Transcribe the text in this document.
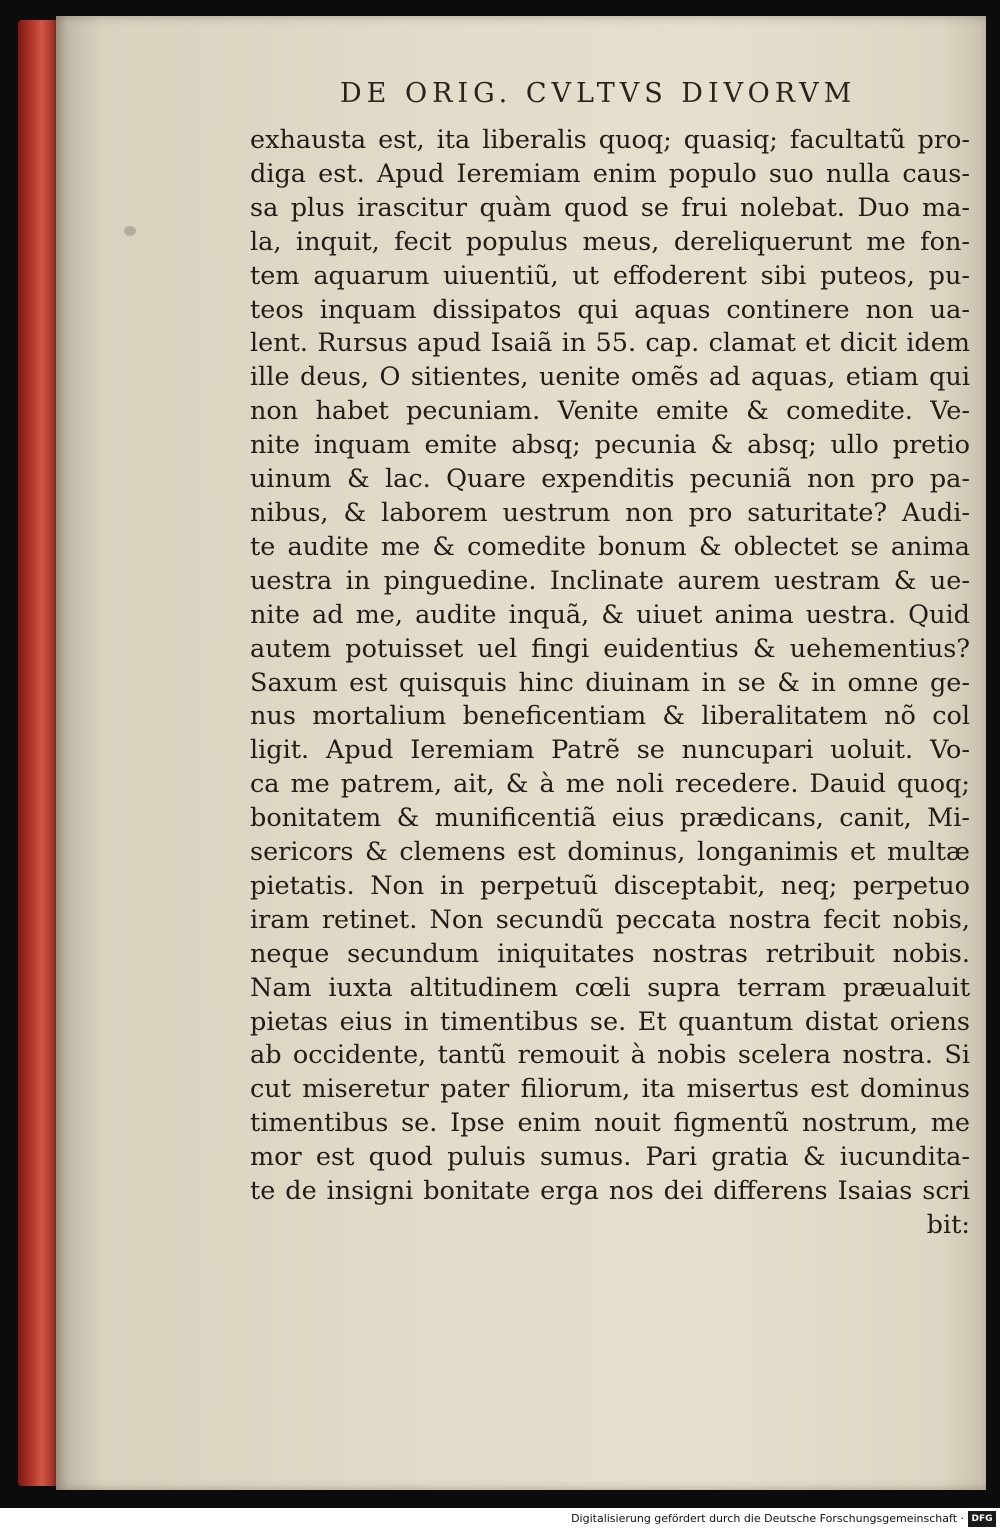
DE ORIG. CVLTVS DIVORVM
exhausta est, ita liberalis quoq; quasiq; facultatũ pro-
diga est. Apud Ieremiam enim populo suo nulla caus-
sa plus irascitur quàm quod se frui nolebat. Duo ma-
la, inquit, fecit populus meus, dereliquerunt me fon-
tem aquarum uiuentiũ, ut effoderent sibi puteos, pu-
teos inquam dissipatos qui aquas continere non ua-
lent. Rursus apud Isaiã in 55. cap. clamat et dicit idem
ille deus, O sitientes, uenite omẽs ad aquas, etiam qui
non habet pecuniam. Venite emite & comedite. Ve-
nite inquam emite absq; pecunia & absq; ullo pretio
uinum & lac. Quare expenditis pecuniã non pro pa-
nibus, & laborem uestrum non pro saturitate? Audi-
te audite me & comedite bonum & oblectet se anima
uestra in pinguedine. Inclinate aurem uestram & ue-
nite ad me, audite inquã, & uiuet anima uestra. Quid
autem potuisset uel fingi euidentius & uehementius?
Saxum est quisquis hinc diuinam in se & in omne ge-
nus mortalium beneficentiam & liberalitatem nõ col
ligit. Apud Ieremiam Patrẽ se nuncupari uoluit. Vo-
ca me patrem, ait, & à me noli recedere. Dauid quoq;
bonitatem & munificentiã eius prædicans, canit, Mi-
sericors & clemens est dominus, longanimis et multæ
pietatis. Non in perpetuũ disceptabit, neq; perpetuo
iram retinet. Non secundũ peccata nostra fecit nobis,
neque secundum iniquitates nostras retribuit nobis.
Nam iuxta altitudinem cœli supra terram præualuit
pietas eius in timentibus se. Et quantum distat oriens
ab occidente, tantũ remouit à nobis scelera nostra. Si
cut miseretur pater filiorum, ita misertus est dominus
timentibus se. Ipse enim nouit figmentũ nostrum, me
mor est quod puluis sumus. Pari gratia & iucundita-
te de insigni bonitate erga nos dei differens Isaias scri
bit:
Digitalisierung gefördert durch die Deutsche Forschungsgemeinschaft · DFG
